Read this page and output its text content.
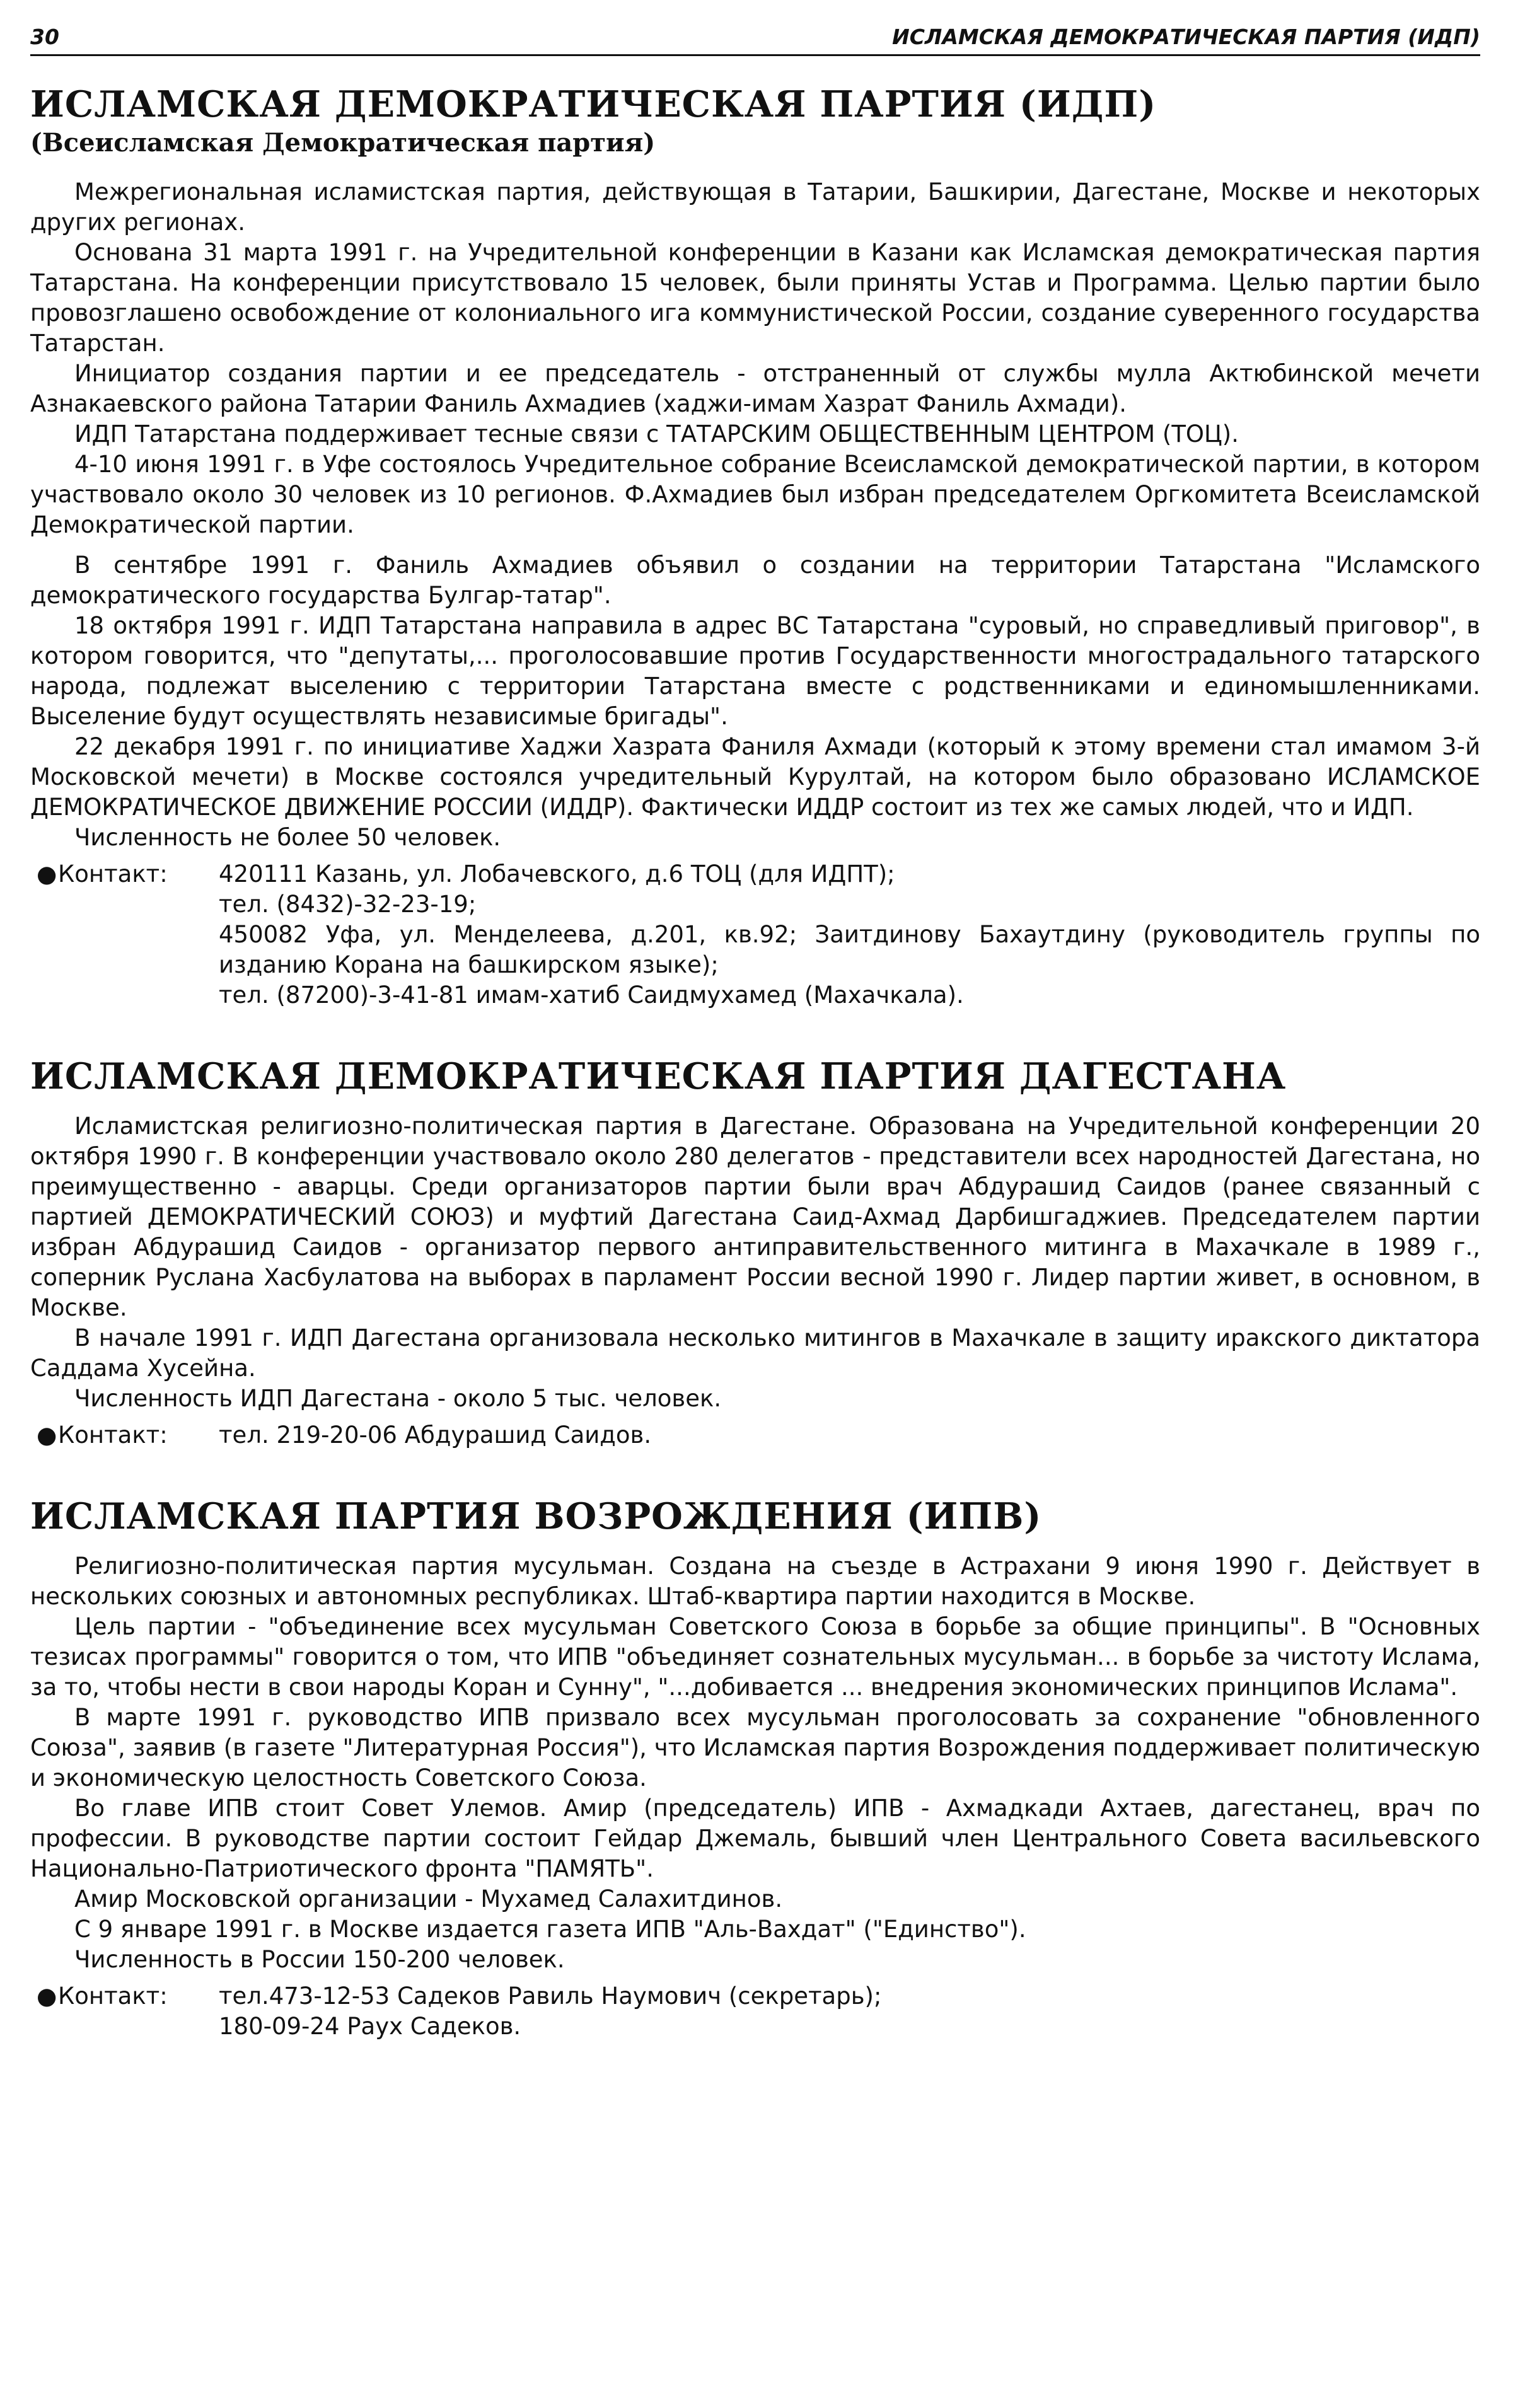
30	ИСЛАМСКАЯ ДЕМОКРАТИЧЕСКАЯ ПАРТИЯ (ИДП)
ИСЛАМСКАЯ ДЕМОКРАТИЧЕСКАЯ ПАРТИЯ (ИДП)
(Всеисламская Демократическая партия)

Межрегиональная исламистская партия, действующая в Татарии, Башкирии, Дагестане, Москве и некоторых других регионах.

Основана 31 марта 1991 г. на Учредительной конференции в Казани как Исламская демократическая партия Татарстана. На конференции присутствовало 15 человек, были приняты Устав и Программа. Целью партии было провозглашено освобождение от колониального ига коммунистической России, создание суверенного государства Татарстан.

Инициатор создания партии и ее председатель - отстраненный от службы мулла Актюбинской мечети Азнакаевского района Татарии Фаниль Ахмадиев (хаджи-имам Хазрат Фаниль Ахмади).

ИДП Татарстана поддерживает тесные связи с ТАТАРСКИМ ОБЩЕСТВЕННЫМ ЦЕНТРОМ (ТОЦ).

4-10 июня 1991 г. в Уфе состоялось Учредительное собрание Всеисламской демократической партии, в котором участвовало около 30 человек из 10 регионов. Ф.Ахмадиев был избран председателем Оргкомитета Всеисламской Демократической партии.

В сентябре 1991 г. Фаниль Ахмадиев объявил о создании на территории Татарстана "Исламского демократического государства Булгар-татар".

18 октября 1991 г. ИДП Татарстана направила в адрес ВС Татарстана "суровый, но справедливый приговор", в котором говорится, что "депутаты,... проголосовавшие против Государственности многострадального татарского народа, подлежат выселению с территории Татарстана вместе с родственниками и единомышленниками. Выселение будут осуществлять независимые бригады".

22 декабря 1991 г. по инициативе Хаджи Хазрата Фаниля Ахмади (который к этому времени стал имамом 3-й Московской мечети) в Москве состоялся учредительный Курултай, на котором было образовано ИСЛАМСКОЕ ДЕМОКРАТИЧЕСКОЕ ДВИЖЕНИЕ РОССИИ (ИДДР). Фактически ИДДР состоит из тех же самых людей, что и ИДП.

Численность не более 50 человек.

● Контакт:	420111 Казань, ул. Лобачевского, д.6 ТОЦ (для ИДПТ);
тел. (8432)-32-23-19;
450082 Уфа, ул. Менделеева, д.201, кв.92; Заитдинову Бахаутдину (руководитель группы по изданию Корана на башкирском языке);
тел. (87200)-3-41-81 имам-хатиб Саидмухамед (Махачкала).
ИСЛАМСКАЯ ДЕМОКРАТИЧЕСКАЯ ПАРТИЯ ДАГЕСТАНА

Исламистская религиозно-политическая партия в Дагестане. Образована на Учредительной конференции 20 октября 1990 г. В конференции участвовало около 280 делегатов - представители всех народностей Дагестана, но преимущественно - аварцы. Среди организаторов партии были врач Абдурашид Саидов (ранее связанный с партией ДЕМОКРАТИЧЕСКИЙ СОЮЗ) и муфтий Дагестана Саид-Ахмад Дарбишгаджиев. Председателем партии избран Абдурашид Саидов - организатор первого антиправительственного митинга в Махачкале в 1989 г., соперник Руслана Хасбулатова на выборах в парламент России весной 1990 г. Лидер партии живет, в основном, в Москве.

В начале 1991 г. ИДП Дагестана организовала несколько митингов в Махачкале в защиту иракского диктатора Саддама Хусейна.

Численность ИДП Дагестана - около 5 тыс. человек.

● Контакт:	тел. 219-20-06 Абдурашид Саидов.
ИСЛАМСКАЯ ПАРТИЯ ВОЗРОЖДЕНИЯ (ИПВ)

Религиозно-политическая партия мусульман. Создана на съезде в Астрахани 9 июня 1990 г. Действует в нескольких союзных и автономных республиках. Штаб-квартира партии находится в Москве.

Цель партии - "объединение всех мусульман Советского Союза в борьбе за общие принципы". В "Основных тезисах программы" говорится о том, что ИПВ "объединяет сознательных мусульман... в борьбе за чистоту Ислама, за то, чтобы нести в свои народы Коран и Сунну", "...добивается ... внедрения экономических принципов Ислама".

В марте 1991 г. руководство ИПВ призвало всех мусульман проголосовать за сохранение "обновленного Союза", заявив (в газете "Литературная Россия"), что Исламская партия Возрождения поддерживает политическую и экономическую целостность Советского Союза.

Во главе ИПВ стоит Совет Улемов. Амир (председатель) ИПВ - Ахмадкади Ахтаев, дагестанец, врач по профессии. В руководстве партии состоит Гейдар Джемаль, бывший член Центрального Совета васильевского Национально-Патриотического фронта "ПАМЯТЬ".

Амир Московской организации - Мухамед Салахитдинов.

С 9 январе 1991 г. в Москве издается газета ИПВ "Аль-Вахдат" ("Единство").

Численность в России 150-200 человек.

● Контакт:	тел.473-12-53 Садеков Равиль Наумович (секретарь);
180-09-24 Раух Садеков.
